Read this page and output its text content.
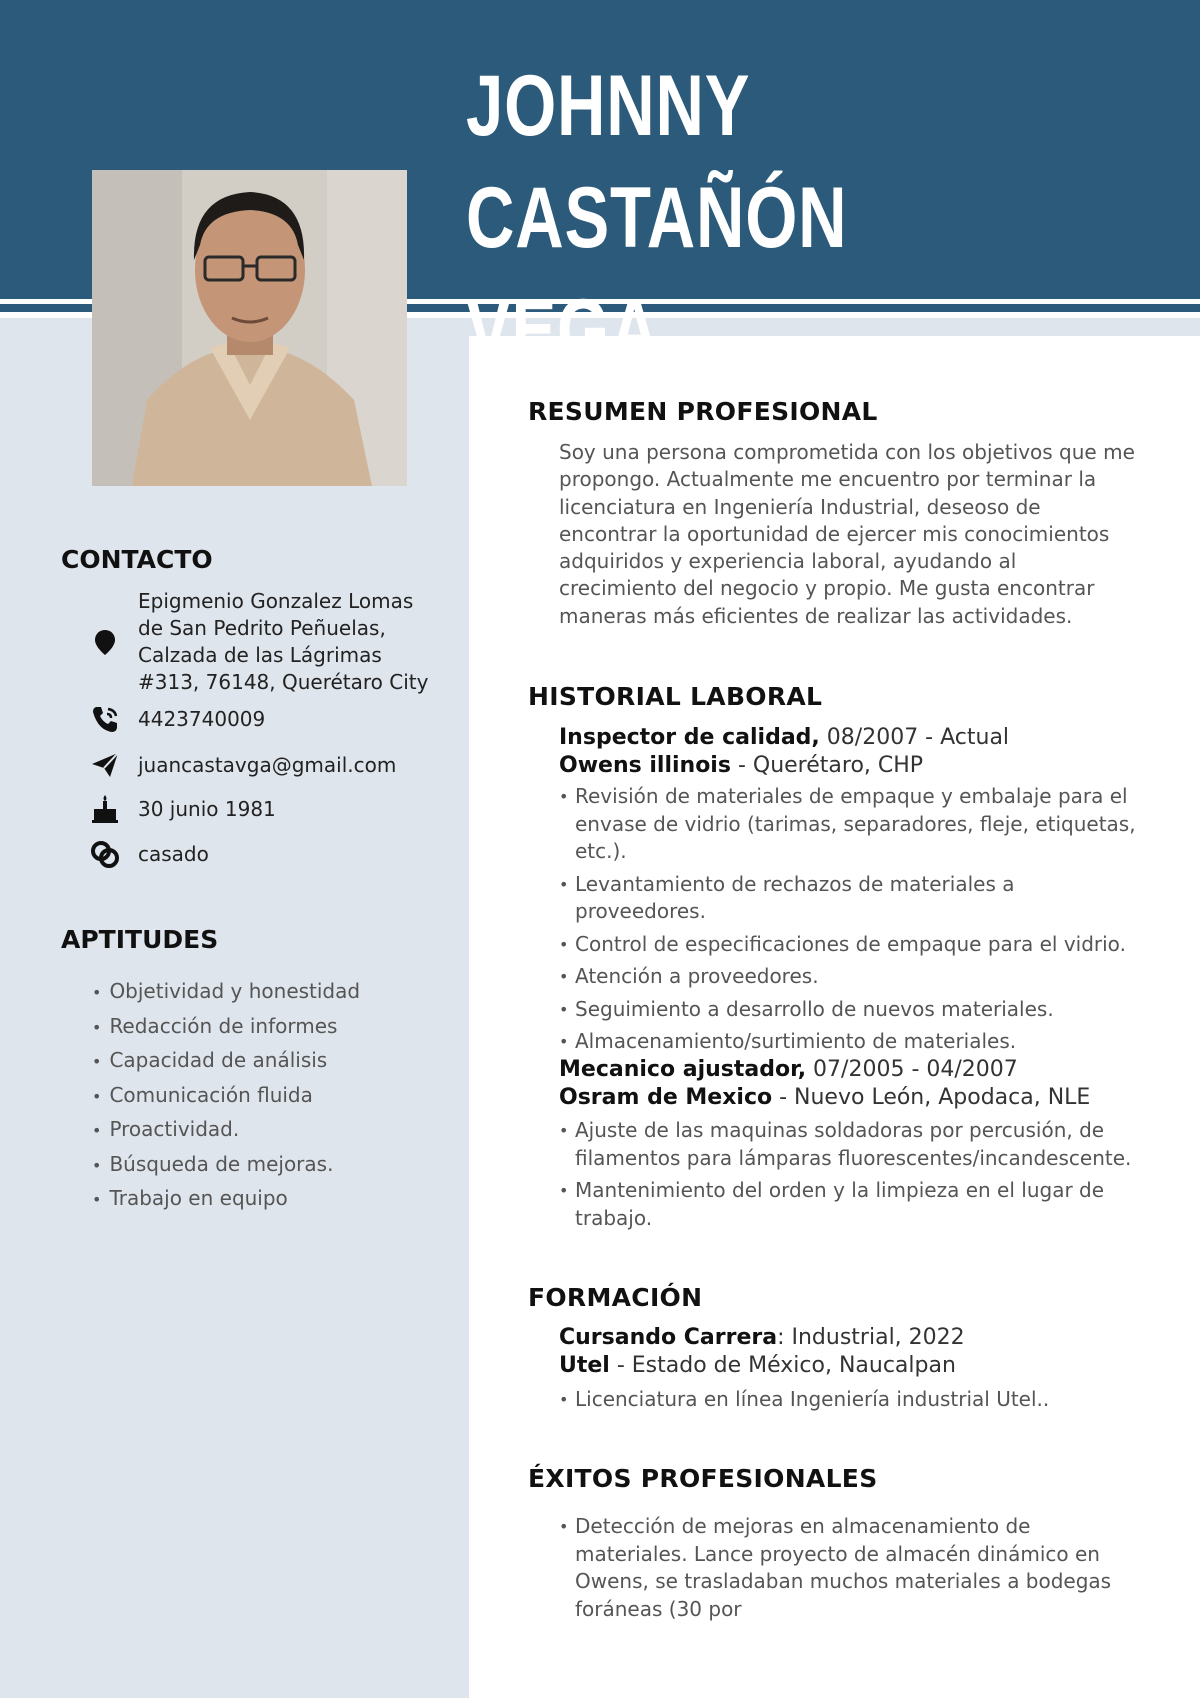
JOHNNY CASTAÑÓN
VEGA
CONTACTO
Epigmenio Gonzalez Lomas
de San Pedrito Peñuelas,
Calzada de las Lágrimas
#313, 76148, Querétaro City
4423740009
juancastavga@gmail.com
30 junio 1981
casado
APTITUDES
• Objetividad y honestidad
• Redacción de informes
• Capacidad de análisis
• Comunicación fluida
• Proactividad.
• Búsqueda de mejoras.
• Trabajo en equipo
RESUMEN PROFESIONAL
Soy una persona comprometida con los objetivos que me propongo. Actualmente me encuentro por terminar la licenciatura en Ingeniería Industrial, deseoso de encontrar la oportunidad de ejercer mis conocimientos adquiridos y experiencia laboral, ayudando al crecimiento del negocio y propio. Me gusta encontrar maneras más eficientes de realizar las actividades.
HISTORIAL LABORAL
Inspector de calidad, 08/2007 - Actual
Owens illinois - Querétaro, CHP
• Revisión de materiales de empaque y embalaje para el envase de vidrio (tarimas, separadores, fleje, etiquetas, etc.).
• Levantamiento de rechazos de materiales a proveedores.
• Control de especificaciones de empaque para el vidrio.
• Atención a proveedores.
• Seguimiento a desarrollo de nuevos materiales.
• Almacenamiento/surtimiento de materiales.
Mecanico ajustador, 07/2005 - 04/2007
Osram de Mexico - Nuevo León, Apodaca, NLE
• Ajuste de las maquinas soldadoras por percusión, de filamentos para lámparas fluorescentes/incandescente.
• Mantenimiento del orden y la limpieza en el lugar de trabajo.
FORMACIÓN
Cursando Carrera: Industrial, 2022
Utel - Estado de México, Naucalpan
• Licenciatura en línea Ingeniería industrial Utel..
ÉXITOS PROFESIONALES
• Detección de mejoras en almacenamiento de materiales. Lance proyecto de almacén dinámico en Owens, se trasladaban muchos materiales a bodegas foráneas (30 por
